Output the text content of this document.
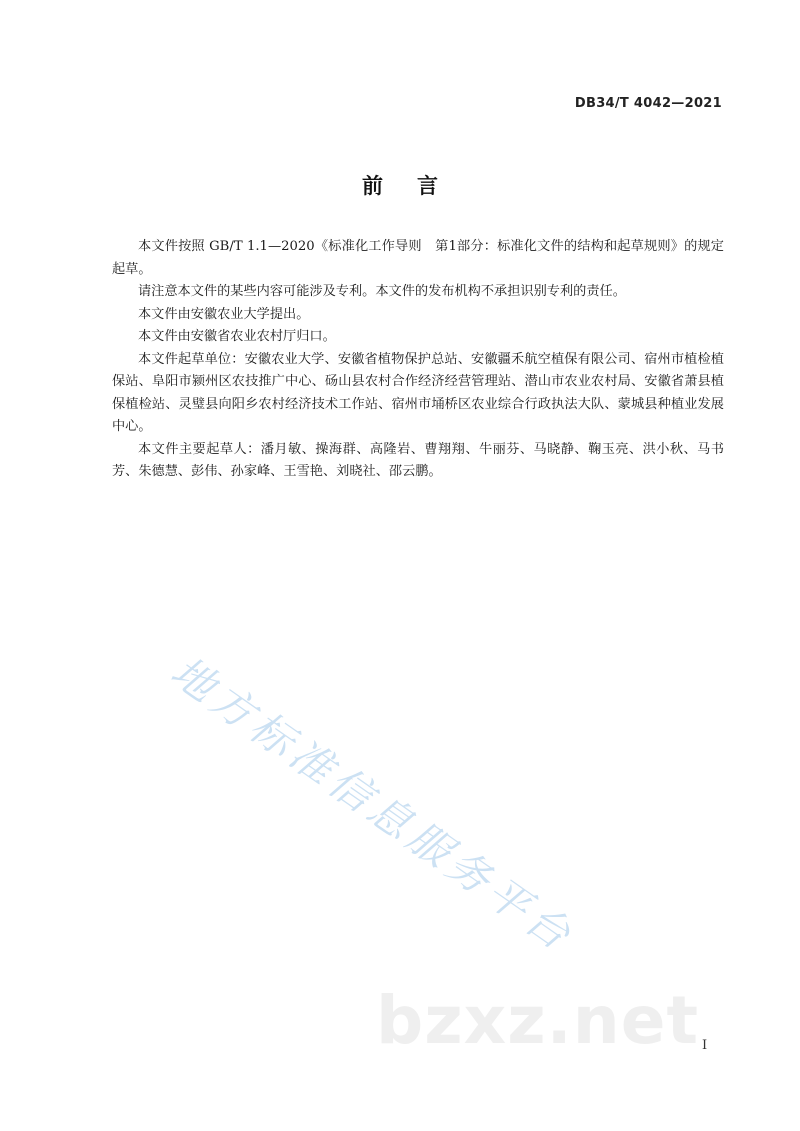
DB34/T 4042—2021
前言

本文件按照 GB/T 1.1—2020《标准化工作导则　第1部分：标准化文件的结构和起草规则》的规定起草。

请注意本文件的某些内容可能涉及专利。本文件的发布机构不承担识别专利的责任。

本文件由安徽农业大学提出。

本文件由安徽省农业农村厅归口。

本文件起草单位：安徽农业大学、安徽省植物保护总站、安徽疆禾航空植保有限公司、宿州市植检植保站、阜阳市颍州区农技推广中心、砀山县农村合作经济经营管理站、潜山市农业农村局、安徽省萧县植保植检站、灵璧县向阳乡农村经济技术工作站、宿州市埇桥区农业综合行政执法大队、蒙城县种植业发展中心。

本文件主要起草人：潘月敏、操海群、高隆岩、曹翔翔、牛丽芬、马晓静、鞠玉亮、洪小秋、马书芳、朱德慧、彭伟、孙家峰、王雪艳、刘晓社、邵云鹏。

地方标准信息服务平台
bzxz.net I
